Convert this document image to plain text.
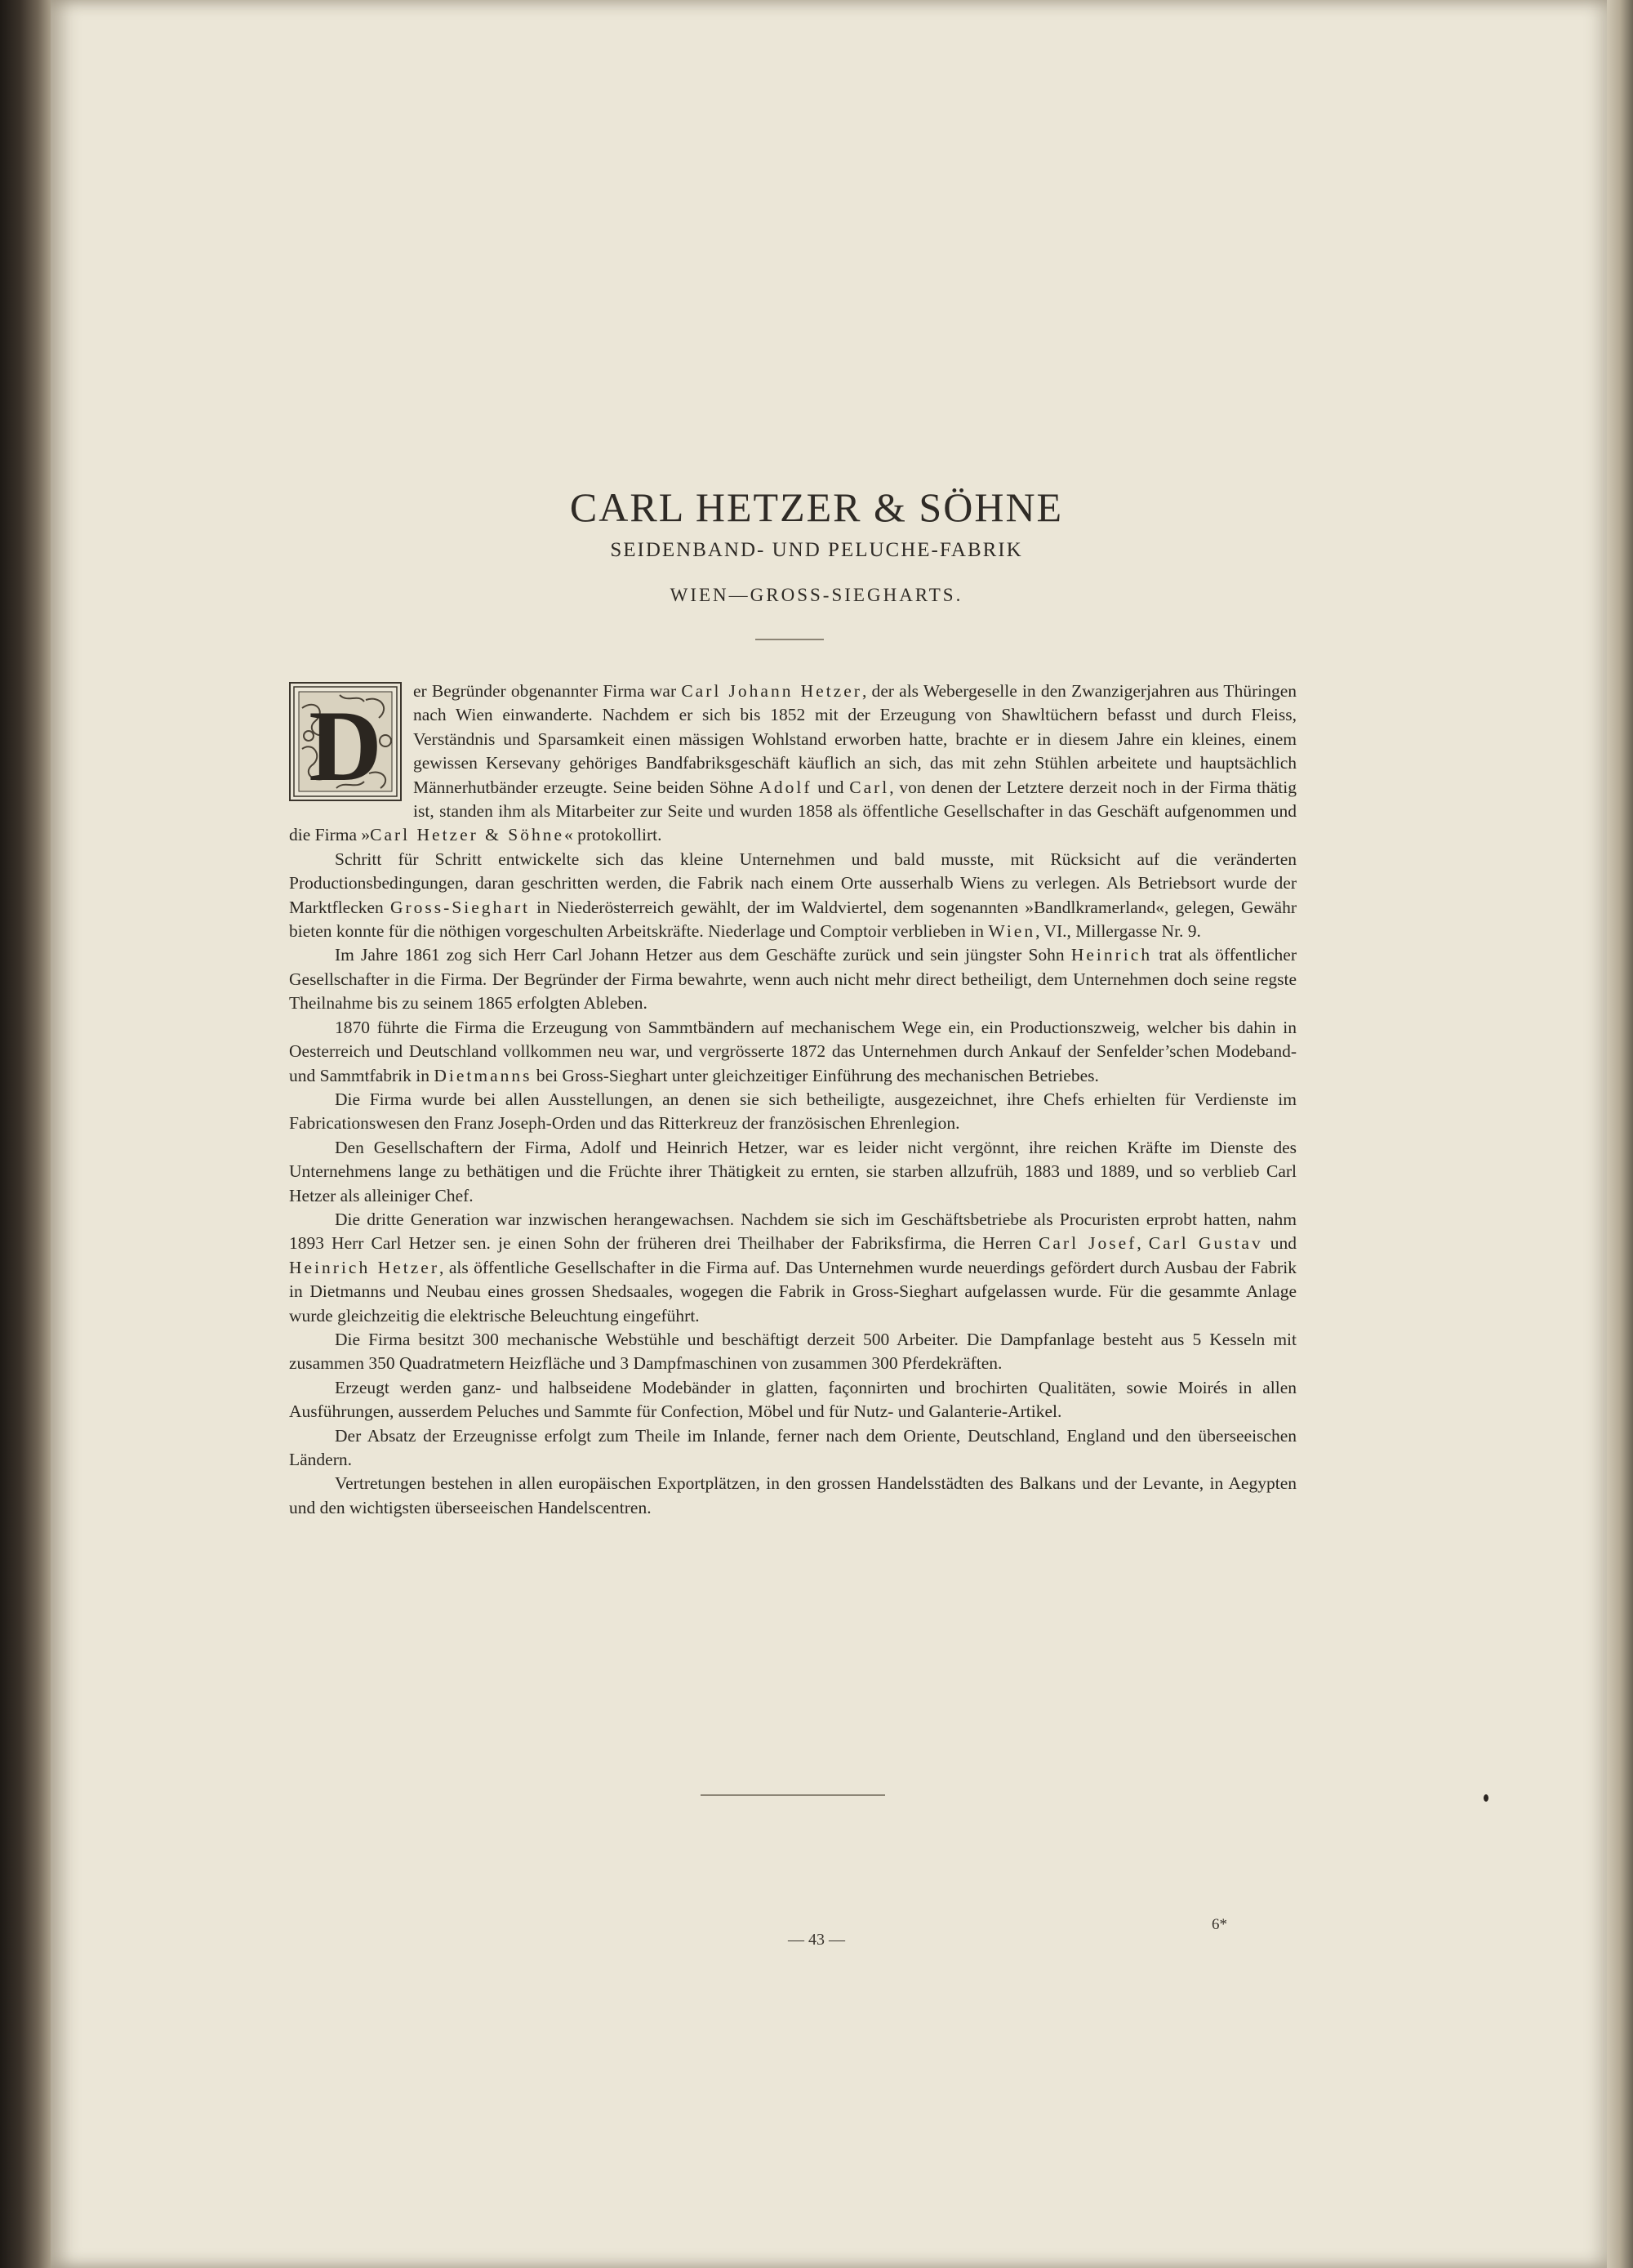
CARL HETZER & SÖHNE
SEIDENBAND- UND PELUCHE-FABRIK
WIEN—GROSS-SIEGHARTS.

D er Begründer obgenannter Firma war Carl Johann Hetzer, der als Webergeselle in den Zwanzigerjahren aus Thüringen nach Wien einwanderte. Nachdem er sich bis 1852 mit der Erzeugung von Shawltüchern befasst und durch Fleiss, Verständnis und Sparsamkeit einen mässigen Wohlstand erworben hatte, brachte er in diesem Jahre ein kleines, einem gewissen Kersevany gehöriges Bandfabriksgeschäft käuflich an sich, das mit zehn Stühlen arbeitete und hauptsächlich Männerhutbänder erzeugte. Seine beiden Söhne Adolf und Carl, von denen der Letztere derzeit noch in der Firma thätig ist, standen ihm als Mitarbeiter zur Seite und wurden 1858 als öffentliche Gesellschafter in das Geschäft aufgenommen und die Firma »Carl Hetzer & Söhne« protokollirt.

Schritt für Schritt entwickelte sich das kleine Unternehmen und bald musste, mit Rücksicht auf die veränderten Productionsbedingungen, daran geschritten werden, die Fabrik nach einem Orte ausserhalb Wiens zu verlegen. Als Betriebsort wurde der Marktflecken Gross-Sieghart in Niederösterreich gewählt, der im Waldviertel, dem sogenannten »Bandlkramerland«, gelegen, Gewähr bieten konnte für die nöthigen vorgeschulten Arbeitskräfte. Niederlage und Comptoir verblieben in Wien, VI., Millergasse Nr. 9.

Im Jahre 1861 zog sich Herr Carl Johann Hetzer aus dem Geschäfte zurück und sein jüngster Sohn Heinrich trat als öffentlicher Gesellschafter in die Firma. Der Begründer der Firma bewahrte, wenn auch nicht mehr direct betheiligt, dem Unternehmen doch seine regste Theilnahme bis zu seinem 1865 erfolgten Ableben.

1870 führte die Firma die Erzeugung von Sammtbändern auf mechanischem Wege ein, ein Productionszweig, welcher bis dahin in Oesterreich und Deutschland vollkommen neu war, und vergrösserte 1872 das Unternehmen durch Ankauf der Senfelder’schen Modeband- und Sammtfabrik in Dietmanns bei Gross-Sieghart unter gleichzeitiger Einführung des mechanischen Betriebes.

Die Firma wurde bei allen Ausstellungen, an denen sie sich betheiligte, ausgezeichnet, ihre Chefs erhielten für Verdienste im Fabricationswesen den Franz Joseph-Orden und das Ritterkreuz der französischen Ehrenlegion.

Den Gesellschaftern der Firma, Adolf und Heinrich Hetzer, war es leider nicht vergönnt, ihre reichen Kräfte im Dienste des Unternehmens lange zu bethätigen und die Früchte ihrer Thätigkeit zu ernten, sie starben allzufrüh, 1883 und 1889, und so verblieb Carl Hetzer als alleiniger Chef.

Die dritte Generation war inzwischen herangewachsen. Nachdem sie sich im Geschäftsbetriebe als Procuristen erprobt hatten, nahm 1893 Herr Carl Hetzer sen. je einen Sohn der früheren drei Theilhaber der Fabriksfirma, die Herren Carl Josef, Carl Gustav und Heinrich Hetzer, als öffentliche Gesellschafter in die Firma auf. Das Unternehmen wurde neuerdings gefördert durch Ausbau der Fabrik in Dietmanns und Neubau eines grossen Shedsaales, wogegen die Fabrik in Gross-Sieghart aufgelassen wurde. Für die gesammte Anlage wurde gleichzeitig die elektrische Beleuchtung eingeführt.

Die Firma besitzt 300 mechanische Webstühle und beschäftigt derzeit 500 Arbeiter. Die Dampfanlage besteht aus 5 Kesseln mit zusammen 350 Quadratmetern Heizfläche und 3 Dampfmaschinen von zusammen 300 Pferdekräften.

Erzeugt werden ganz- und halbseidene Modebänder in glatten, façonnirten und brochirten Qualitäten, sowie Moirés in allen Ausführungen, ausserdem Peluches und Sammte für Confection, Möbel und für Nutz- und Galanterie-Artikel.

Der Absatz der Erzeugnisse erfolgt zum Theile im Inlande, ferner nach dem Oriente, Deutschland, England und den überseeischen Ländern.

Vertretungen bestehen in allen europäischen Exportplätzen, in den grossen Handelsstädten des Balkans und der Levante, in Aegypten und den wichtigsten überseeischen Handelscentren.

— 43 —
6*
